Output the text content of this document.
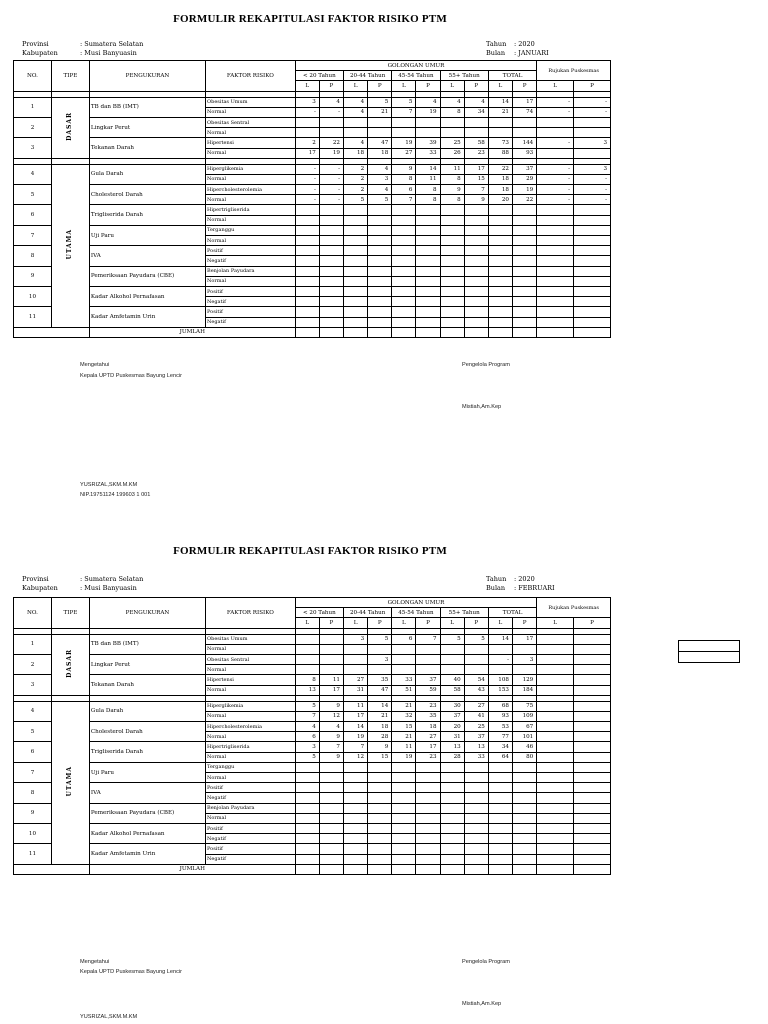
FORMULIR REKAPITULASI FAKTOR RISIKO PTM
Provinsi	: Sumatera Selatan
Kabupaten	: Musi Banyuasin
Tahun : 2020
Bulan : JANUARI
NO.	TIPE	PENGUKURAN	FAKTOR RISIKO	GOLONGAN UMUR										Rujukan Puskesmas	
				< 20 Tahun		20-44 Tahun		45-54 Tahun		55+ Tahun		TOTAL			
				L	P	L	P	L	P	L	P	L	P	L	P

1	DASAR	TB dan BB (IMT)	Obesitas Umum	3	4	4	5	5	4	4	4	14	17	-	-
			Normal	-	-	4	21	7	19	8	34	21	74	-	-
2		Lingkar Perut	Obesitas Sentral												
			Normal												
3		Tekanan Darah	Hipertensi	2	22	4	47	19	39	25	58	73	144	-	3
			Normal	17	19	18	18	27	33	26	23	88	93		

4	UTAMA	Gula Darah	Hiperglikemia	-	-	2	4	9	14	11	17	22	37	-	3
			Normal	-	-	2	3	8	11	8	15	18	29	-	-
5		Cholesterol Darah	Hipercholesterolemia	-	-	2	4	6	8	9	7	18	19	-	-
			Normal	-	-	5	5	7	8	8	9	20	22	-	-
6		Trigliserida Darah	Hipertrigliserida												
			Normal												
7		Uji Paru	Terganggu												
			Normal												
8		IVA	Positif												
			Negatif												
9		Pemeriksaan Payudara (CBE)	Benjolan Payudara												
			Normal												
10		Kadar Alkohol Pernafasan	Positif												
			Negatif												
11		Kadar Amfetamin Urin	Positif												
			Negatif												
		JUMLAH													
Mengetahui
Kepala UPTD Puskesmas Bayung Lencir
Pengelola Program
Mistiah,Am.Kep
YUSRIZAL,SKM.M.KM
NIP.19751124 199603 1 001
FORMULIR REKAPITULASI FAKTOR RISIKO PTM
Provinsi	: Sumatera Selatan
Kabupaten	: Musi Banyuasin
Tahun : 2020
Bulan : FEBRUARI
NO.	TIPE	PENGUKURAN	FAKTOR RISIKO	GOLONGAN UMUR										Rujukan Puskesmas	
				< 20 Tahun		20-44 Tahun		45-54 Tahun		55+ Tahun		TOTAL			
				L	P	L	P	L	P	L	P	L	P	L	P

1	DASAR	TB dan BB (IMT)	Obesitas Umum			3	5	6	7	5	5	14	17		
			Normal												
2		Lingkar Perut	Obesitas Sentral				3					-	3		
			Normal												
3		Tekanan Darah	Hipertensi	8	11	27	35	33	37	40	54	108	129		
			Normal	13	17	31	47	51	59	58	43	153	184		

4	UTAMA	Gula Darah	Hiperglikemia	5	9	11	14	21	23	30	27	68	75		
			Normal	7	12	17	21	32	35	37	41	93	109		
5		Cholesterol Darah	Hipercholesterolemia	4	4	14	18	15	18	20	25	53	67		
			Normal	6	9	19	28	21	27	31	37	77	101		
6		Trigliserida Darah	Hipertrigliserida	3	7	7	9	11	17	13	13	34	46		
			Normal	5	9	12	15	19	23	28	33	64	80		
7		Uji Paru	Terganggu												
			Normal												
8		IVA	Positif												
			Negatif												
9		Pemeriksaan Payudara (CBE)	Benjolan Payudara												
			Normal												
10		Kadar Alkohol Pernafasan	Positif												
			Negatif												
11		Kadar Amfetamin Urin	Positif												
			Negatif												
		JUMLAH													
Mengetahui
Kepala UPTD Puskesmas Bayung Lencir
Pengelola Program
Mistiah,Am.Kep
YUSRIZAL,SKM.M.KM
